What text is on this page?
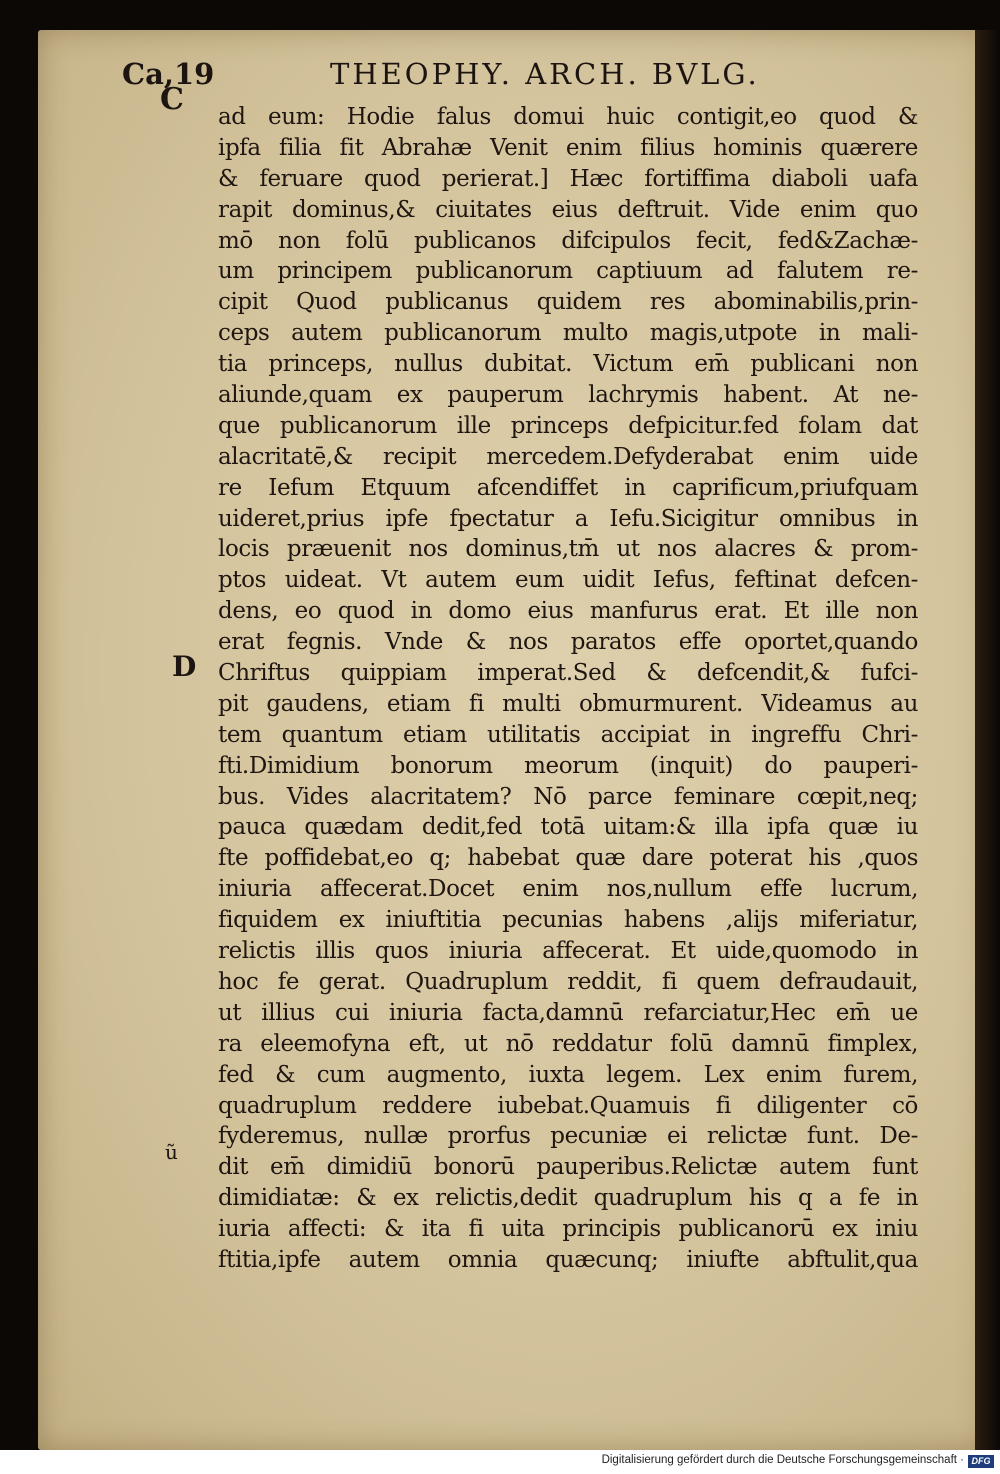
Ca,19	THEOPHY. ARCH. BVLG.
C
D
ũ
ad eum: Hodie falus domui huic contigit,eo quod &
ipfa filia fit Abrahæ Venit enim filius hominis quærere
& feruare quod perierat.] Hæc fortiffima diaboli uafa
rapit dominus,& ciuitates eius deftruit. Vide enim quo
mō non folū publicanos difcipulos fecit, fed&Zachæ-
um principem publicanorum captiuum ad falutem re-
cipit Quod publicanus quidem res abominabilis,prin-
ceps autem publicanorum multo magis,utpote in mali-
tia princeps, nullus dubitat. Victum em̄ publicani non
aliunde,quam ex pauperum lachrymis habent. At ne-
que publicanorum ille princeps defpicitur.fed folam dat
alacritatē,& recipit mercedem.Defyderabat enim uide
re Iefum Etquum afcendiffet in caprificum,priufquam
uideret,prius ipfe fpectatur a Iefu.Sicigitur omnibus in
locis præuenit nos dominus,tm̄ ut nos alacres & prom-
ptos uideat. Vt autem eum uidit Iefus, feftinat defcen-
dens, eo quod in domo eius manfurus erat. Et ille non
erat fegnis. Vnde & nos paratos effe oportet,quando
Chriftus quippiam imperat.Sed & defcendit,& fufci-
pit gaudens, etiam fi multi obmurmurent. Videamus au
tem quantum etiam utilitatis accipiat in ingreffu Chri-
fti.Dimidium bonorum meorum (inquit) do pauperi-
bus. Vides alacritatem? Nō parce feminare cœpit,neq;
pauca quædam dedit,fed totā uitam:& illa ipfa quæ iu
fte poffidebat,eo q; habebat quæ dare poterat his ,quos
iniuria affecerat.Docet enim nos,nullum effe lucrum,
fiquidem ex iniuftitia pecunias habens ,alijs miferiatur,
relictis illis quos iniuria affecerat. Et uide,quomodo in
hoc fe gerat. Quadruplum reddit, fi quem defraudauit,
ut illius cui iniuria facta,damnū refarciatur,Hec em̄ ue
ra eleemofyna eft, ut nō reddatur folū damnū fimplex,
fed & cum augmento, iuxta legem. Lex enim furem,
quadruplum reddere iubebat.Quamuis fi diligenter cō
fyderemus, nullæ prorfus pecuniæ ei relictæ funt. De-
dit em̄ dimidiū bonorū pauperibus.Relictæ autem funt
dimidiatæ: & ex relictis,dedit quadruplum his q a fe in
iuria affecti: & ita fi uita principis publicanorū ex iniu
ftitia,ipfe autem omnia quæcunq; iniufte abftulit,qua
Digitalisierung gefördert durch die Deutsche Forschungsgemeinschaft · DFG
